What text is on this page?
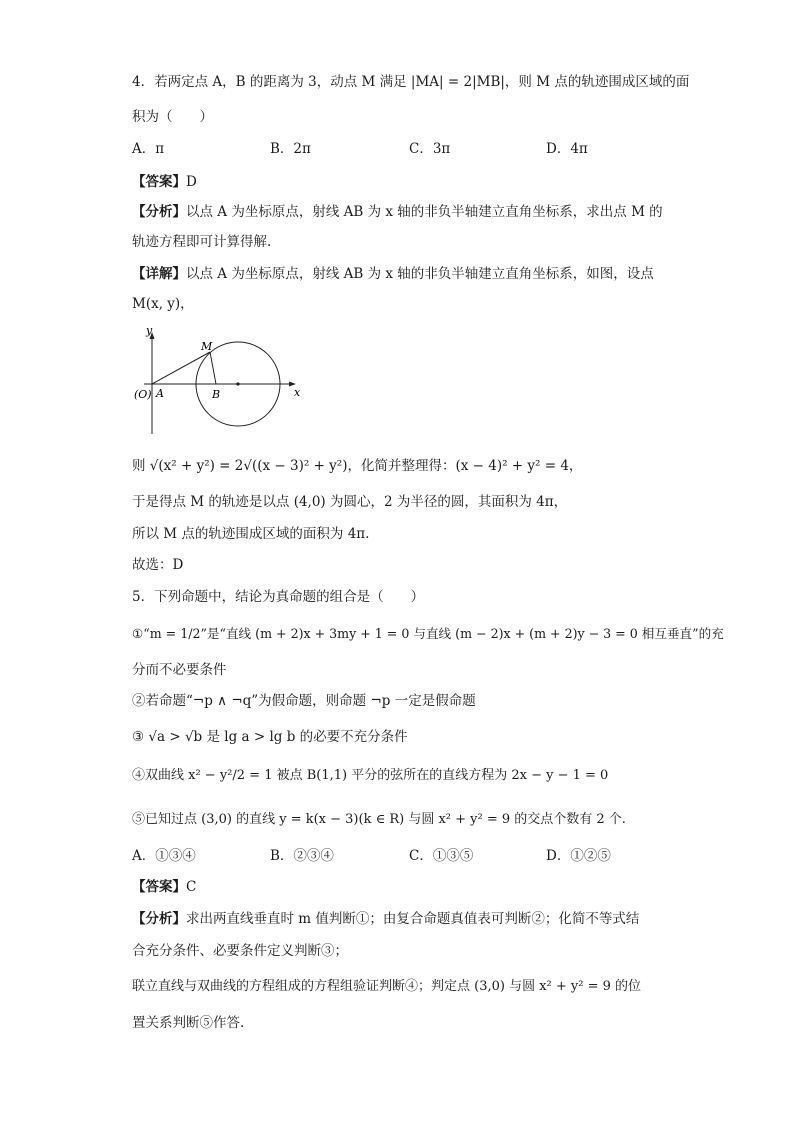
4．若两定点 A，B 的距离为 3，动点 M 满足 |MA| = 2|MB|，则 M 点的轨迹围成区域的面
积为（　　）
A．π	B．2π	C．3π	D．4π
【答案】D
【分析】以点 A 为坐标原点，射线 AB 为 x 轴的非负半轴建立直角坐标系，求出点 M 的
轨迹方程即可计算得解.
【详解】以点 A 为坐标原点，射线 AB 为 x 轴的非负半轴建立直角坐标系，如图，设点
M(x, y)，
y
x
M
(O) A	B
则 √(x² + y²) = 2√((x − 3)² + y²)，化简并整理得：(x − 4)² + y² = 4，
于是得点 M 的轨迹是以点 (4,0) 为圆心，2 为半径的圆，其面积为 4π，
所以 M 点的轨迹围成区域的面积为 4π.
故选：D
5．下列命题中，结论为真命题的组合是（　　）
①“m = 1/2”是“直线 (m + 2)x + 3my + 1 = 0 与直线 (m − 2)x + (m + 2)y − 3 = 0 相互垂直”的充
分而不必要条件
②若命题“¬p ∧ ¬q”为假命题，则命题 ¬p 一定是假命题
③ √a > √b 是 lg a > lg b 的必要不充分条件
④双曲线 x² − y²/2 = 1 被点 B(1,1) 平分的弦所在的直线方程为 2x − y − 1 = 0
⑤已知过点 (3,0) 的直线 y = k(x − 3)(k ∈ R) 与圆 x² + y² = 9 的交点个数有 2 个.
A．①③④	B．②③④	C．①③⑤	D．①②⑤
【答案】C
【分析】求出两直线垂直时 m 值判断①；由复合命题真值表可判断②；化简不等式结
合充分条件、必要条件定义判断③；
联立直线与双曲线的方程组成的方程组验证判断④；判定点 (3,0) 与圆 x² + y² = 9 的位
置关系判断⑤作答.
